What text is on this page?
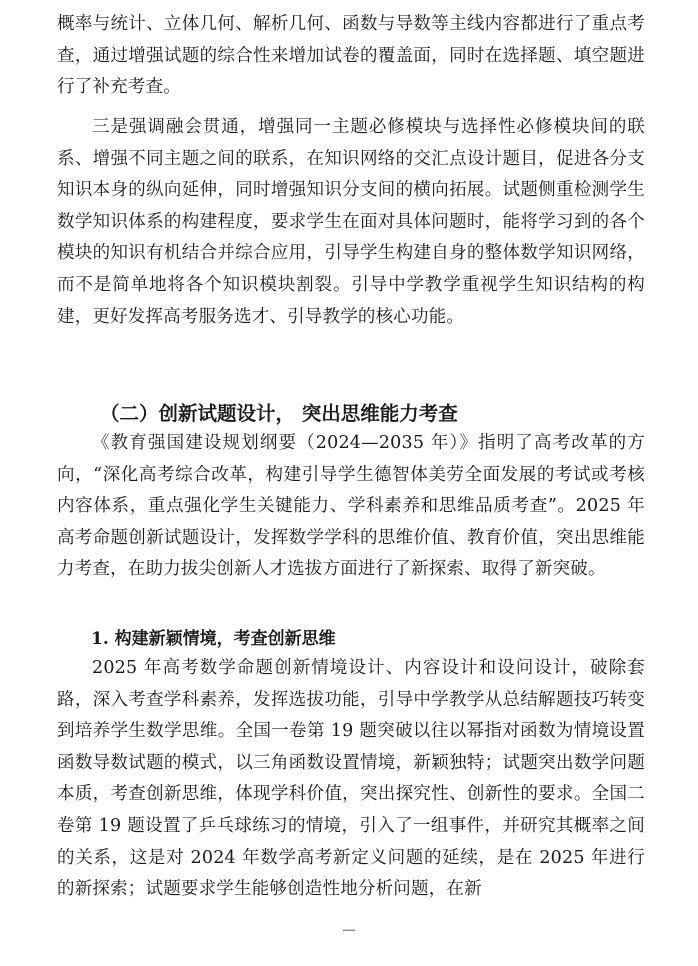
概率与统计、立体几何、解析几何、函数与导数等主线内容都进行了重点考查，通过增强试题的综合性来增加试卷的覆盖面，同时在选择题、填空题进行了补充考查。

三是强调融会贯通，增强同一主题必修模块与选择性必修模块间的联系、增强不同主题之间的联系，在知识网络的交汇点设计题目，促进各分支知识本身的纵向延伸，同时增强知识分支间的横向拓展。试题侧重检测学生数学知识体系的构建程度，要求学生在面对具体问题时，能将学习到的各个模块的知识有机结合并综合应用，引导学生构建自身的整体数学知识网络，而不是简单地将各个知识模块割裂。引导中学教学重视学生知识结构的构建，更好发挥高考服务选才、引导教学的核心功能。

（二）创新试题设计， 突出思维能力考查

《教育强国建设规划纲要（2024—2035 年）》指明了高考改革的方向，“深化高考综合改革，构建引导学生德智体美劳全面发展的考试或考核内容体系，重点强化学生关键能力、学科素养和思维品质考查”。2025 年高考命题创新试题设计，发挥数学学科的思维价值、教育价值，突出思维能力考查，在助力拔尖创新人才选拔方面进行了新探索、取得了新突破。

1. 构建新颖情境，考查创新思维

2025 年高考数学命题创新情境设计、内容设计和设问设计，破除套路，深入考查学科素养，发挥选拔功能，引导中学教学从总结解题技巧转变到培养学生数学思维。全国一卷第 19 题突破以往以幂指对函数为情境设置函数导数试题的模式，以三角函数设置情境，新颖独特；试题突出数学问题本质，考查创新思维，体现学科价值，突出探究性、创新性的要求。全国二卷第 19 题设置了乒乓球练习的情境，引入了一组事件，并研究其概率之间的关系，这是对 2024 年数学高考新定义问题的延续，是在 2025 年进行的新探索；试题要求学生能够创造性地分析问题，在新

－
